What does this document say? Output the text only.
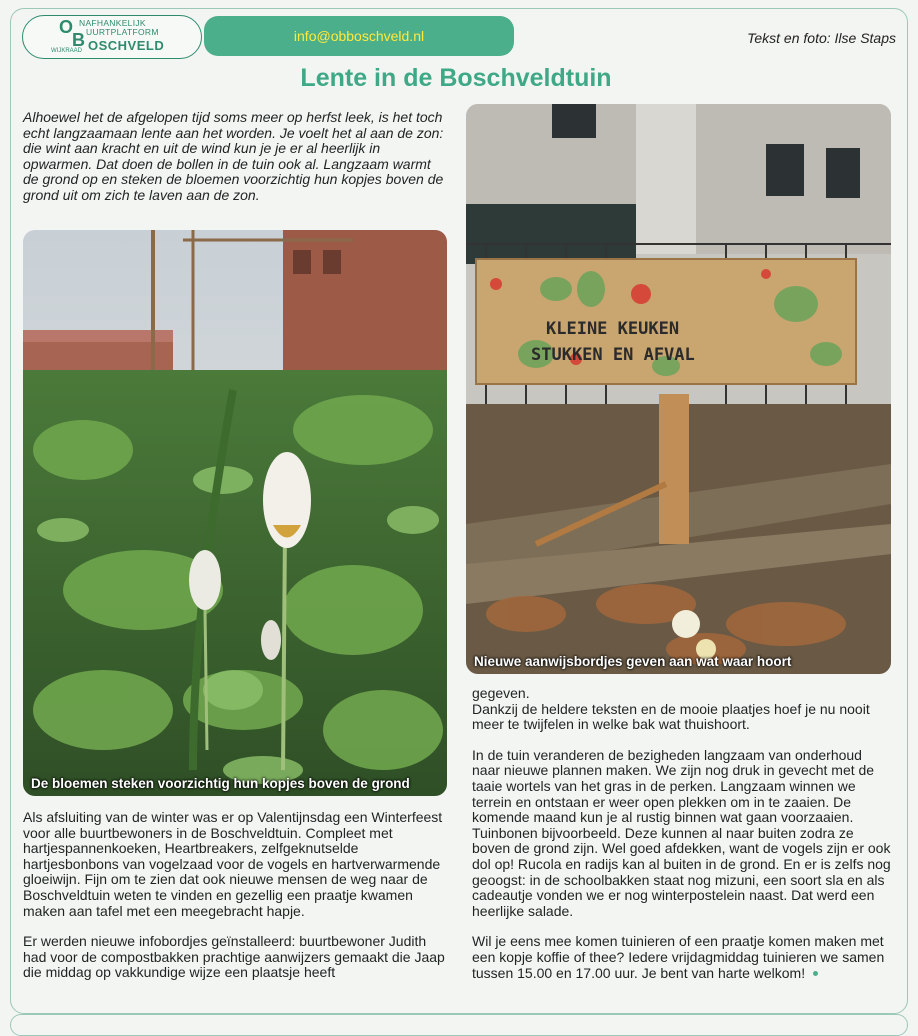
O
B
NAFHANKELIJK
UURTPLATFORM
OSCHVELD
WIJKRAAD
info@obboschveld.nl	Tekst en foto: Ilse Staps
Lente in de Boschveldtuin

Alhoewel het de afgelopen tijd soms meer op herfst leek, is het toch echt langzaamaan lente aan het worden. Je voelt het al aan de zon: die wint aan kracht en uit de wind kun je je er al heerlijk in opwarmen. Dat doen de bollen in de tuin ook al. Langzaam warmt de grond op en steken de bloemen voorzichtig hun kopjes boven de grond uit om zich te laven aan de zon.

De bloemen steken voorzichtig hun kopjes boven de grond
KLEINE KEUKEN
STUKKEN EN AFVAL
Nieuwe aanwijsbordjes geven aan wat waar hoort

Als afsluiting van de winter was er op Valentijnsdag een Winterfeest voor alle buurtbewoners in de Boschveldtuin. Compleet met hartjespannenkoeken, Heartbreakers, zelfgeknutselde hartjesbonbons van vogelzaad voor de vogels en hartverwarmende gloeiwijn. Fijn om te zien dat ook nieuwe mensen de weg naar de Boschveldtuin weten te vinden en gezellig een praatje kwamen maken aan tafel met een meegebracht hapje.

Er werden nieuwe infobordjes geïnstalleerd: buurtbewoner Judith had voor de compostbakken prachtige aanwijzers gemaakt die Jaap die middag op vakkundige wijze een plaatsje heeft

gegeven.
Dankzij de heldere teksten en de mooie plaatjes hoef je nu nooit meer te twijfelen in welke bak wat thuishoort.

In de tuin veranderen de bezigheden langzaam van onderhoud naar nieuwe plannen maken. We zijn nog druk in gevecht met de taaie wortels van het gras in de perken. Langzaam winnen we terrein en ontstaan er weer open plekken om in te zaaien. De komende maand kun je al rustig binnen wat gaan voorzaaien. Tuinbonen bijvoorbeeld. Deze kunnen al naar buiten zodra ze boven de grond zijn. Wel goed afdekken, want de vogels zijn er ook dol op! Rucola en radijs kan al buiten in de grond. En er is zelfs nog geoogst: in de schoolbakken staat nog mizuni, een soort sla en als cadeautje vonden we er nog winterpostelein naast. Dat werd een heerlijke salade.

Wil je eens mee komen tuinieren of een praatje komen maken met een kopje koffie of thee? Iedere vrijdagmiddag tuinieren we samen tussen 15.00 en 17.00 uur. Je bent van harte welkom!
